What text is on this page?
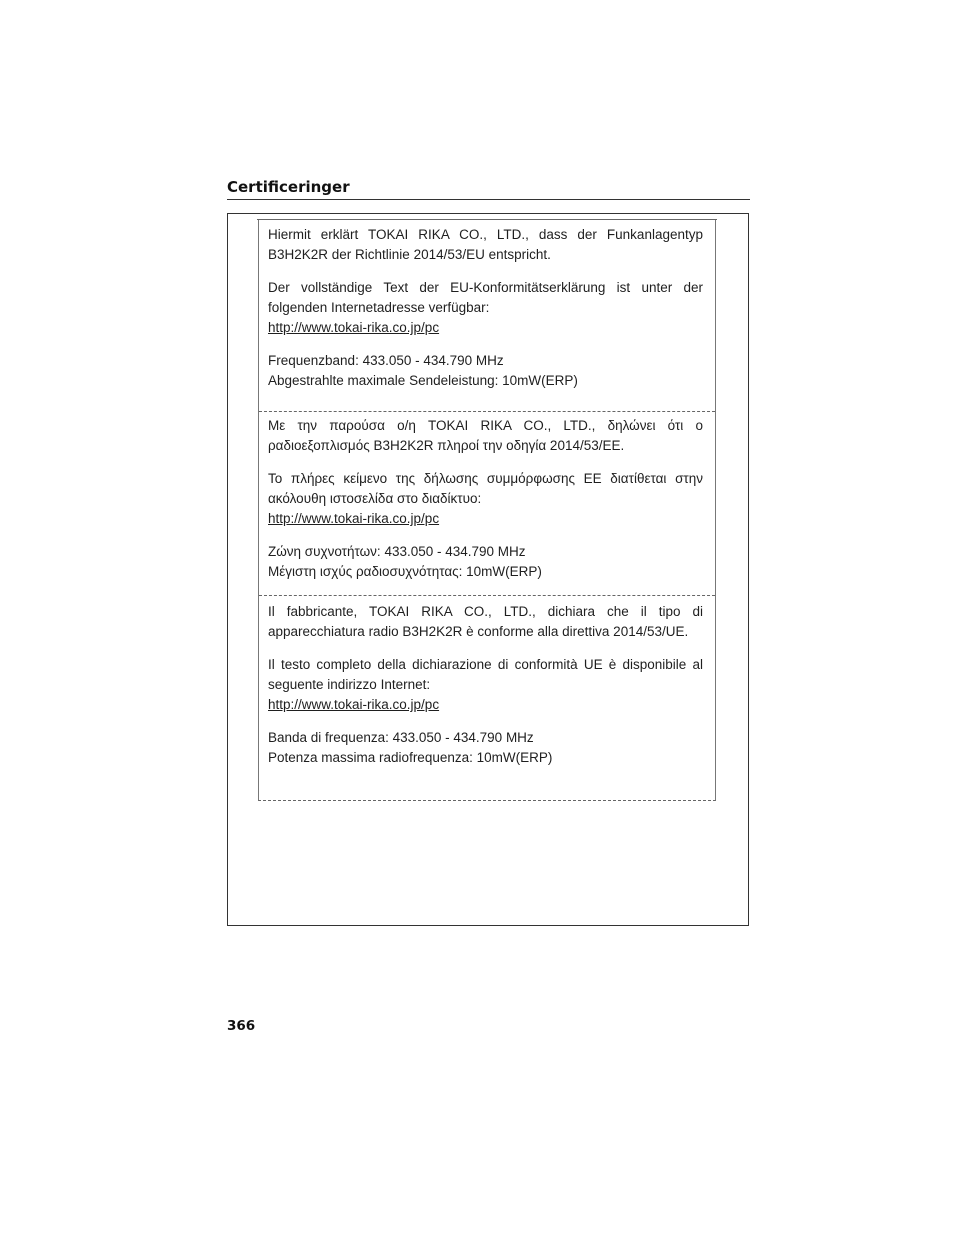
Certificeringer

Hiermit erklärt TOKAI RIKA CO., LTD., dass der Funkanlagentyp B3H2K2R der Richtlinie 2014/53/EU entspricht.

Der vollständige Text der EU-Konformitätserklärung ist unter der folgenden Internetadresse verfügbar:

http://www.tokai-rika.co.jp/pc

Frequenzband: 433.050 - 434.790 MHz

Abgestrahlte maximale Sendeleistung: 10mW(ERP)

Με την παρούσα ο/η TOKAI RIKA CO., LTD., δηλώνει ότι ο ραδιοεξοπλισμός B3H2K2R πληροί την οδηγία 2014/53/EE.

Το πλήρες κείμενο της δήλωσης συμμόρφωσης ΕΕ διατίθεται στην ακόλουθη ιστοσελίδα στο διαδίκτυο:

http://www.tokai-rika.co.jp/pc

Ζώνη συχνοτήτων: 433.050 - 434.790 MHz

Μέγιστη ισχύς ραδιοσυχνότητας: 10mW(ERP)

Il fabbricante, TOKAI RIKA CO., LTD., dichiara che il tipo di apparecchiatura radio B3H2K2R è conforme alla direttiva 2014/53/UE.

Il testo completo della dichiarazione di conformità UE è disponibile al seguente indirizzo Internet:

http://www.tokai-rika.co.jp/pc

Banda di frequenza: 433.050 - 434.790 MHz

Potenza massima radiofrequenza: 10mW(ERP)

366
